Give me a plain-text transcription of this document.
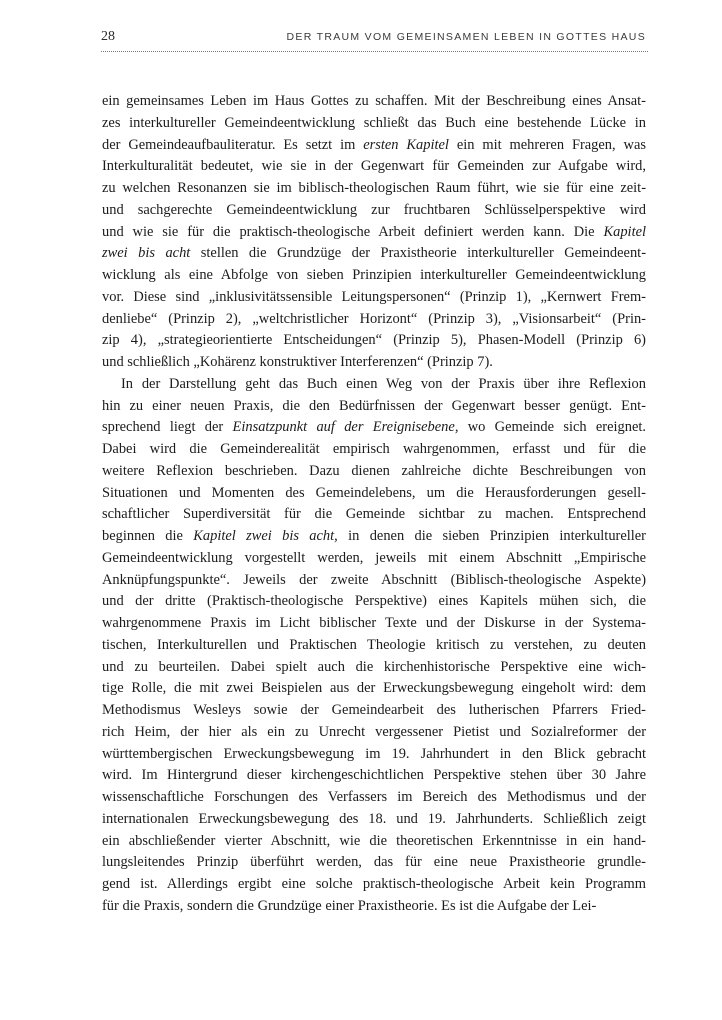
28	DER TRAUM VOM GEMEINSAMEN LEBEN IN GOTTES HAUS
ein gemeinsames Leben im Haus Gottes zu schaffen. Mit der Beschreibung eines Ansat-
zes interkultureller Gemeindeentwicklung schließt das Buch eine bestehende Lücke in
der Gemeindeaufbauliteratur. Es setzt im ersten Kapitel ein mit mehreren Fragen, was
Interkulturalität bedeutet, wie sie in der Gegenwart für Gemeinden zur Aufgabe wird,
zu welchen Resonanzen sie im biblisch-theologischen Raum führt, wie sie für eine zeit-
und sachgerechte Gemeindeentwicklung zur fruchtbaren Schlüsselperspektive wird
und wie sie für die praktisch-theologische Arbeit definiert werden kann. Die Kapitel
zwei bis acht stellen die Grundzüge der Praxistheorie interkultureller Gemeindeent-
wicklung als eine Abfolge von sieben Prinzipien interkultureller Gemeindeentwicklung
vor. Diese sind „inklusivitätssensible Leitungspersonen“ (Prinzip 1), „Kernwert Frem-
denliebe“ (Prinzip 2), „weltchristlicher Horizont“ (Prinzip 3), „Visionsarbeit“ (Prin-
zip 4), „strategieorientierte Entscheidungen“ (Prinzip 5), Phasen-Modell (Prinzip 6)
und schließlich „Kohärenz konstruktiver Interferenzen“ (Prinzip 7).
In der Darstellung geht das Buch einen Weg von der Praxis über ihre Reflexion
hin zu einer neuen Praxis, die den Bedürfnissen der Gegenwart besser genügt. Ent-
sprechend liegt der Einsatzpunkt auf der Ereignisebene, wo Gemeinde sich ereignet.
Dabei wird die Gemeinderealität empirisch wahrgenommen, erfasst und für die
weitere Reflexion beschrieben. Dazu dienen zahlreiche dichte Beschreibungen von
Situationen und Momenten des Gemeindelebens, um die Herausforderungen gesell-
schaftlicher Superdiversität für die Gemeinde sichtbar zu machen. Entsprechend
beginnen die Kapitel zwei bis acht, in denen die sieben Prinzipien interkultureller
Gemeindeentwicklung vorgestellt werden, jeweils mit einem Abschnitt „Empirische
Anknüpfungspunkte“. Jeweils der zweite Abschnitt (Biblisch-theologische Aspekte)
und der dritte (Praktisch-theologische Perspektive) eines Kapitels mühen sich, die
wahrgenommene Praxis im Licht biblischer Texte und der Diskurse in der Systema-
tischen, Interkulturellen und Praktischen Theologie kritisch zu verstehen, zu deuten
und zu beurteilen. Dabei spielt auch die kirchenhistorische Perspektive eine wich-
tige Rolle, die mit zwei Beispielen aus der Erweckungsbewegung eingeholt wird: dem
Methodismus Wesleys sowie der Gemeindearbeit des lutherischen Pfarrers Fried-
rich Heim, der hier als ein zu Unrecht vergessener Pietist und Sozialreformer der
württembergischen Erweckungsbewegung im 19. Jahrhundert in den Blick gebracht
wird. Im Hintergrund dieser kirchengeschichtlichen Perspektive stehen über 30 Jahre
wissenschaftliche Forschungen des Verfassers im Bereich des Methodismus und der
internationalen Erweckungsbewegung des 18. und 19. Jahrhunderts. Schließlich zeigt
ein abschließender vierter Abschnitt, wie die theoretischen Erkenntnisse in ein hand-
lungsleitendes Prinzip überführt werden, das für eine neue Praxistheorie grundle-
gend ist. Allerdings ergibt eine solche praktisch-theologische Arbeit kein Programm
für die Praxis, sondern die Grundzüge einer Praxistheorie. Es ist die Aufgabe der Lei-
